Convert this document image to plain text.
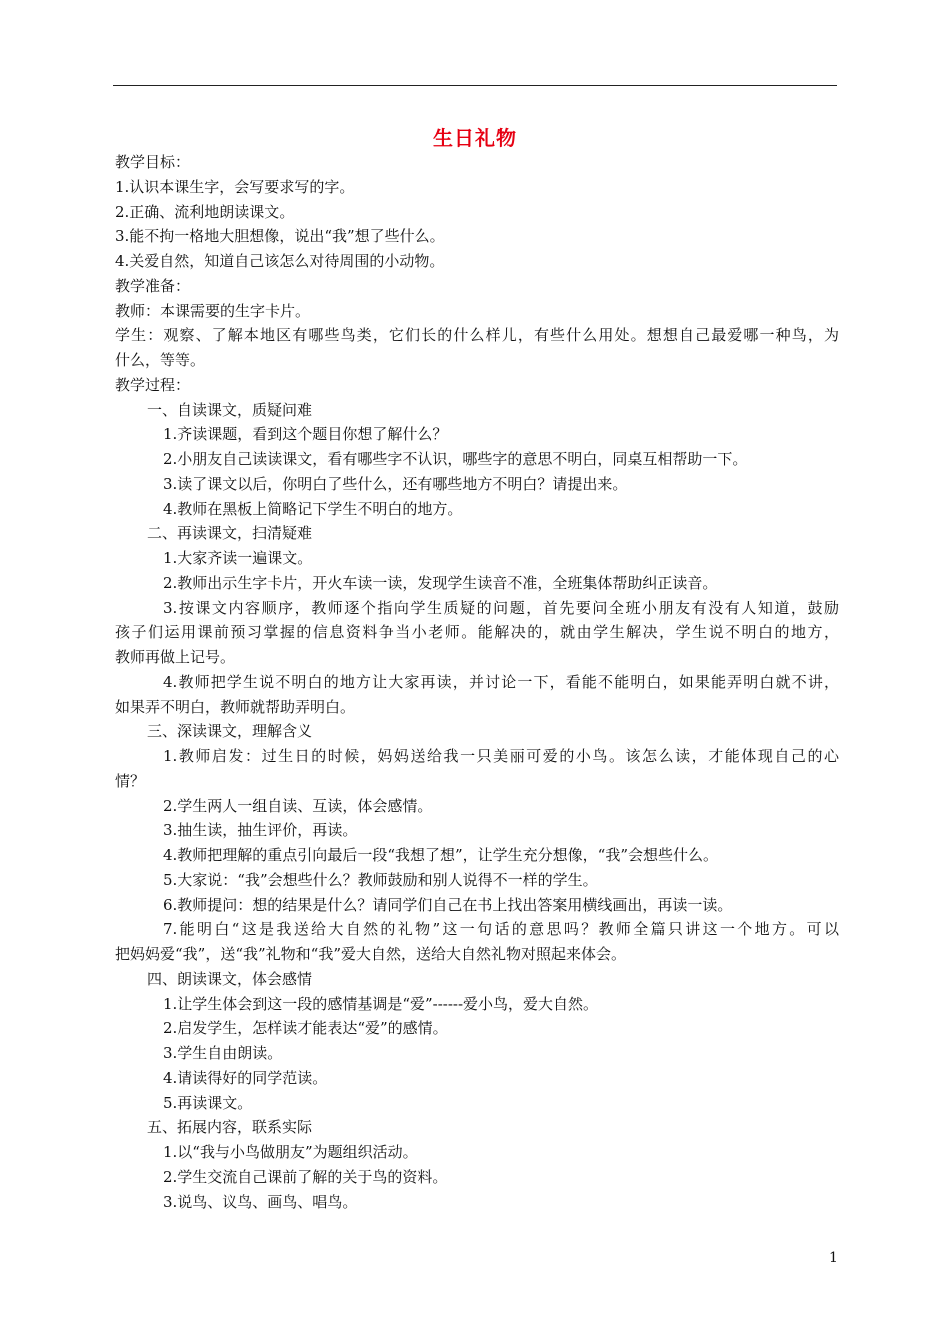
生日礼物
教学目标：
1.认识本课生字，会写要求写的字。
2.正确、流利地朗读课文。
3.能不拘一格地大胆想像，说出“我”想了些什么。
4.关爱自然，知道自己该怎么对待周围的小动物。
教学准备：
教师：本课需要的生字卡片。
学生：观察、了解本地区有哪些鸟类，它们长的什么样儿，有些什么用处。想想自己最爱哪一种鸟，为
什么，等等。
教学过程：
一、自读课文，质疑问难
1.齐读课题，看到这个题目你想了解什么？
2.小朋友自己读读课文，看有哪些字不认识，哪些字的意思不明白，同桌互相帮助一下。
3.读了课文以后，你明白了些什么，还有哪些地方不明白？请提出来。
4.教师在黑板上简略记下学生不明白的地方。
二、再读课文，扫清疑难
1.大家齐读一遍课文。
2.教师出示生字卡片，开火车读一读，发现学生读音不准，全班集体帮助纠正读音。
3.按课文内容顺序，教师逐个指向学生质疑的问题，首先要问全班小朋友有没有人知道，鼓励
孩子们运用课前预习掌握的信息资料争当小老师。能解决的，就由学生解决，学生说不明白的地方，
教师再做上记号。
4.教师把学生说不明白的地方让大家再读，并讨论一下，看能不能明白，如果能弄明白就不讲，
如果弄不明白，教师就帮助弄明白。
三、深读课文，理解含义
1.教师启发：过生日的时候，妈妈送给我一只美丽可爱的小鸟。该怎么读，才能体现自己的心
情？
2.学生两人一组自读、互读，体会感情。
3.抽生读，抽生评价，再读。
4.教师把理解的重点引向最后一段“我想了想”，让学生充分想像，“我”会想些什么。
5.大家说：“我”会想些什么？教师鼓励和别人说得不一样的学生。
6.教师提问：想的结果是什么？请同学们自己在书上找出答案用横线画出，再读一读。
7.能明白“这是我送给大自然的礼物”这一句话的意思吗？教师全篇只讲这一个地方。可以
把妈妈爱“我”，送“我”礼物和“我”爱大自然，送给大自然礼物对照起来体会。
四、朗读课文，体会感情
1.让学生体会到这一段的感情基调是“爱”------爱小鸟，爱大自然。
2.启发学生，怎样读才能表达“爱”的感情。
3.学生自由朗读。
4.请读得好的同学范读。
5.再读课文。
五、拓展内容，联系实际
1.以“我与小鸟做朋友”为题组织活动。
2.学生交流自己课前了解的关于鸟的资料。
3.说鸟、议鸟、画鸟、唱鸟。
1
